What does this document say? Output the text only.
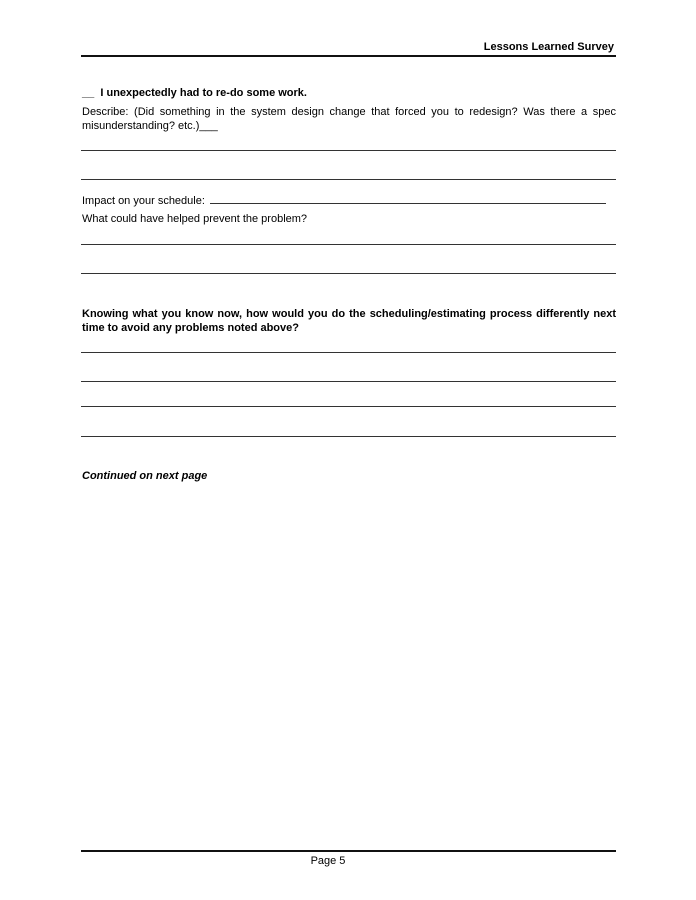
Lessons Learned Survey
__ I unexpectedly had to re-do some work.
Describe: (Did something in the system design change that forced you to redesign? Was there a spec misunderstanding? etc.)___
Impact on your schedule:
What could have helped prevent the problem?
Knowing what you know now, how would you do the scheduling/estimating process differently next time to avoid any problems noted above?
Continued on next page
Page 5
